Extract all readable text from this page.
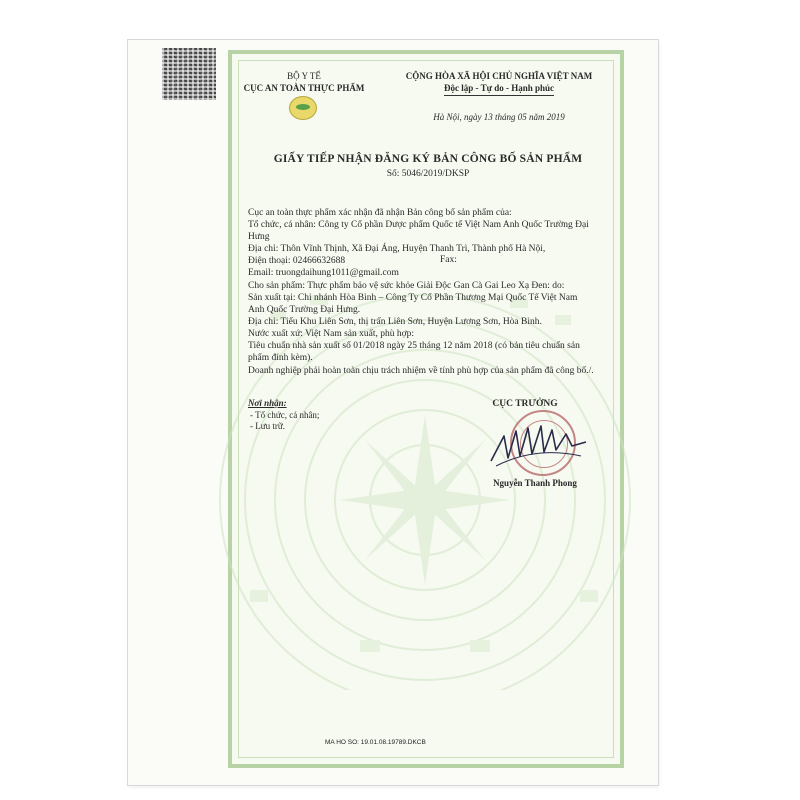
BỘ Y TẾ
CỤC AN TOÀN THỰC PHẨM
CỘNG HÒA XÃ HỘI CHỦ NGHĨA VIỆT NAM
Độc lập - Tự do - Hạnh phúc
Hà Nội, ngày 13 tháng 05 năm 2019
GIẤY TIẾP NHẬN ĐĂNG KÝ BẢN CÔNG BỐ SẢN PHẨM
Số: 5046/2019/DKSP
Cục an toàn thực phẩm xác nhận đã nhận Bản công bố sản phẩm của:
Tổ chức, cá nhân: Công ty Cổ phần Dược phẩm Quốc tế Việt Nam Anh Quốc Trường Đại
Hưng
Địa chỉ: Thôn Vĩnh Thịnh, Xã Đại Áng, Huyện Thanh Trì, Thành phố Hà Nội,
Điện thoại: 02466632688	Fax:
Email: truongdaihung1011@gmail.com
Cho sản phẩm: Thực phẩm bảo vệ sức khỏe Giải Độc Gan Cà Gai Leo Xạ Đen: do:
Sản xuất tại: Chi nhánh Hòa Bình – Công Ty Cổ Phần Thương Mại Quốc Tế Việt Nam
Anh Quốc Trường Đại Hưng.
Địa chỉ: Tiểu Khu Liên Sơn, thị trấn Liên Sơn, Huyện Lương Sơn, Hòa Bình.
Nước xuất xứ: Việt Nam sản xuất, phù hợp:
Tiêu chuẩn nhà sản xuất số 01/2018 ngày 25 tháng 12 năm 2018 (có bản tiêu chuẩn sản
phẩm đính kèm).
Doanh nghiệp phải hoàn toàn chịu trách nhiệm về tính phù hợp của sản phẩm đã công bố./.
Nơi nhận:
- Tổ chức, cá nhân;
- Lưu trữ.
CỤC TRƯỞNG
Nguyễn Thanh Phong
MA HO SO: 19.01.08.19789.DKCB
